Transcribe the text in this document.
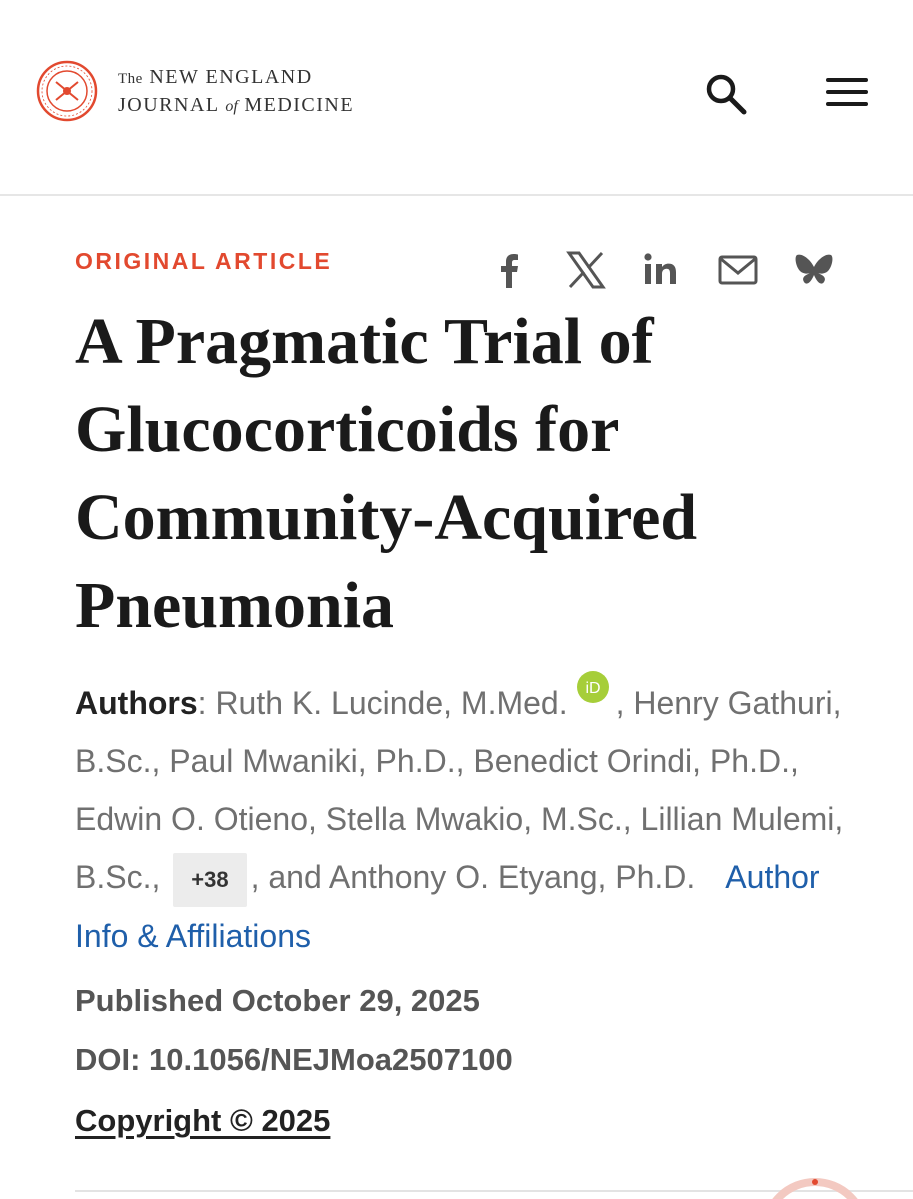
The NEW ENGLAND
JOURNAL of MEDICINE
ORIGINAL ARTICLE
A Pragmatic Trial of Glucocorticoids for Community-Acquired Pneumonia
Authors: Ruth K. Lucinde, M.Med. iD , Henry Gathuri, B.Sc., Paul Mwaniki, Ph.D., Benedict Orindi, Ph.D., Edwin O. Otieno, Stella Mwakio, M.Sc., Lillian Mulemi, B.Sc., +38 , and Anthony O. Etyang, Ph.D. Author Info & Affiliations

Published October 29, 2025

DOI: 10.1056/NEJMoa2507100

Copyright © 2025
